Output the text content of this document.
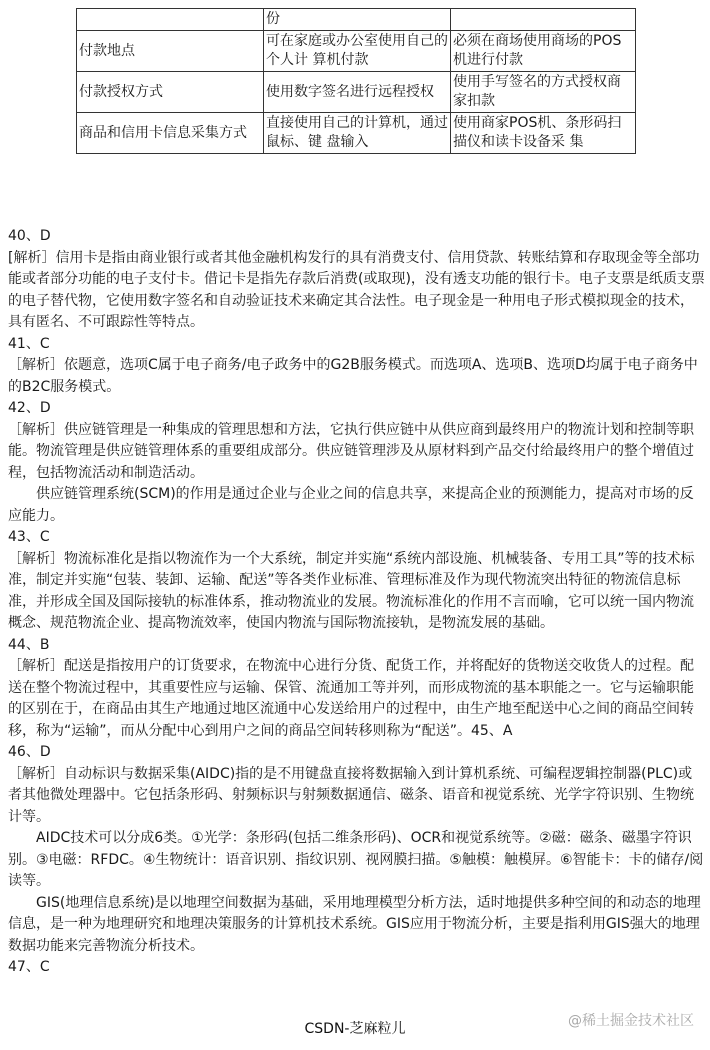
	份	
付款地点	可在家庭或办公室使用自己的个人计 算机付款	必须在商场使用商场的POS机进行付款
付款授权方式	使用数字签名进行远程授权	使用手写签名的方式授权商家扣款
商品和信用卡信息采集方式	直接使用自己的计算机，通过鼠标、键 盘输入	使用商家POS机、条形码扫描仪和读卡设备采 集

40、D

[解析］信用卡是指由商业银行或者其他金融机构发行的具有消费支付、信用贷款、转账结算和存取现金等全部功能或者部分功能的电子支付卡。借记卡是指先存款后消费(或取现)，没有透支功能的银行卡。电子支票是纸质支票的电子替代物，它使用数字签名和自动验证技术来确定其合法性。电子现金是一种用电子形式模拟现金的技术，具有匿名、不可跟踪性等特点。

41、C

［解析］依题意，选项C属于电子商务/电子政务中的G2B服务模式。而选项A、选项B、选项D均属于电子商务中的B2C服务模式。

42、D

［解析］供应链管理是一种集成的管理思想和方法，它执行供应链中从供应商到最终用户的物流计划和控制等职能。物流管理是供应链管理体系的重要组成部分。供应链管理涉及从原材料到产品交付给最终用户的整个增值过程，包括物流活动和制造活动。

供应链管理系统(SCM)的作用是通过企业与企业之间的信息共享，来提高企业的预测能力，提高对市场的反应能力。

43、C

［解析］物流标准化是指以物流作为一个大系统，制定并实施“系统内部设施、机械装备、专用工具”等的技术标准，制定并实施“包装、装卸、运输、配送”等各类作业标准、管理标准及作为现代物流突出特征的物流信息标准，并形成全国及国际接轨的标准体系，推动物流业的发展。物流标准化的作用不言而喻，它可以统一国内物流概念、规范物流企业、提高物流效率，使国内物流与国际物流接轨，是物流发展的基础。

44、B

［解析］配送是指按用户的订货要求，在物流中心进行分货、配货工作，并将配好的货物送交收货人的过程。配送在整个物流过程中，其重要性应与运输、保管、流通加工等并列，而形成物流的基本职能之一。它与运输职能的区别在于，在商品由其生产地通过地区流通中心发送给用户的过程中，由生产地至配送中心之间的商品空间转移，称为“运输”，而从分配中心到用户之间的商品空间转移则称为“配送”。45、A

46、D

［解析］自动标识与数据采集(AIDC)指的是不用键盘直接将数据输入到计算机系统、可编程逻辑控制器(PLC)或者其他微处理器中。它包括条形码、射频标识与射频数据通信、磁条、语音和视觉系统、光学字符识别、生物统计等。

AIDC技术可以分成6类。①光学：条形码(包括二维条形码)、OCR和视觉系统等。②磁：磁条、磁墨字符识别。③电磁：RFDC。④生物统计：语音识别、指纹识别、视网膜扫描。⑤触模：触模屏。⑥智能卡：卡的储存/阅读等。

GIS(地理信息系统)是以地理空间数据为基础，采用地理模型分析方法，适时地提供多种空间的和动态的地理信息，是一种为地理研究和地理决策服务的计算机技术系统。GIS应用于物流分析，主要是指利用GIS强大的地理数据功能来完善物流分析技术。

47、C

CSDN-芝麻粒儿	@稀土掘金技术社区
